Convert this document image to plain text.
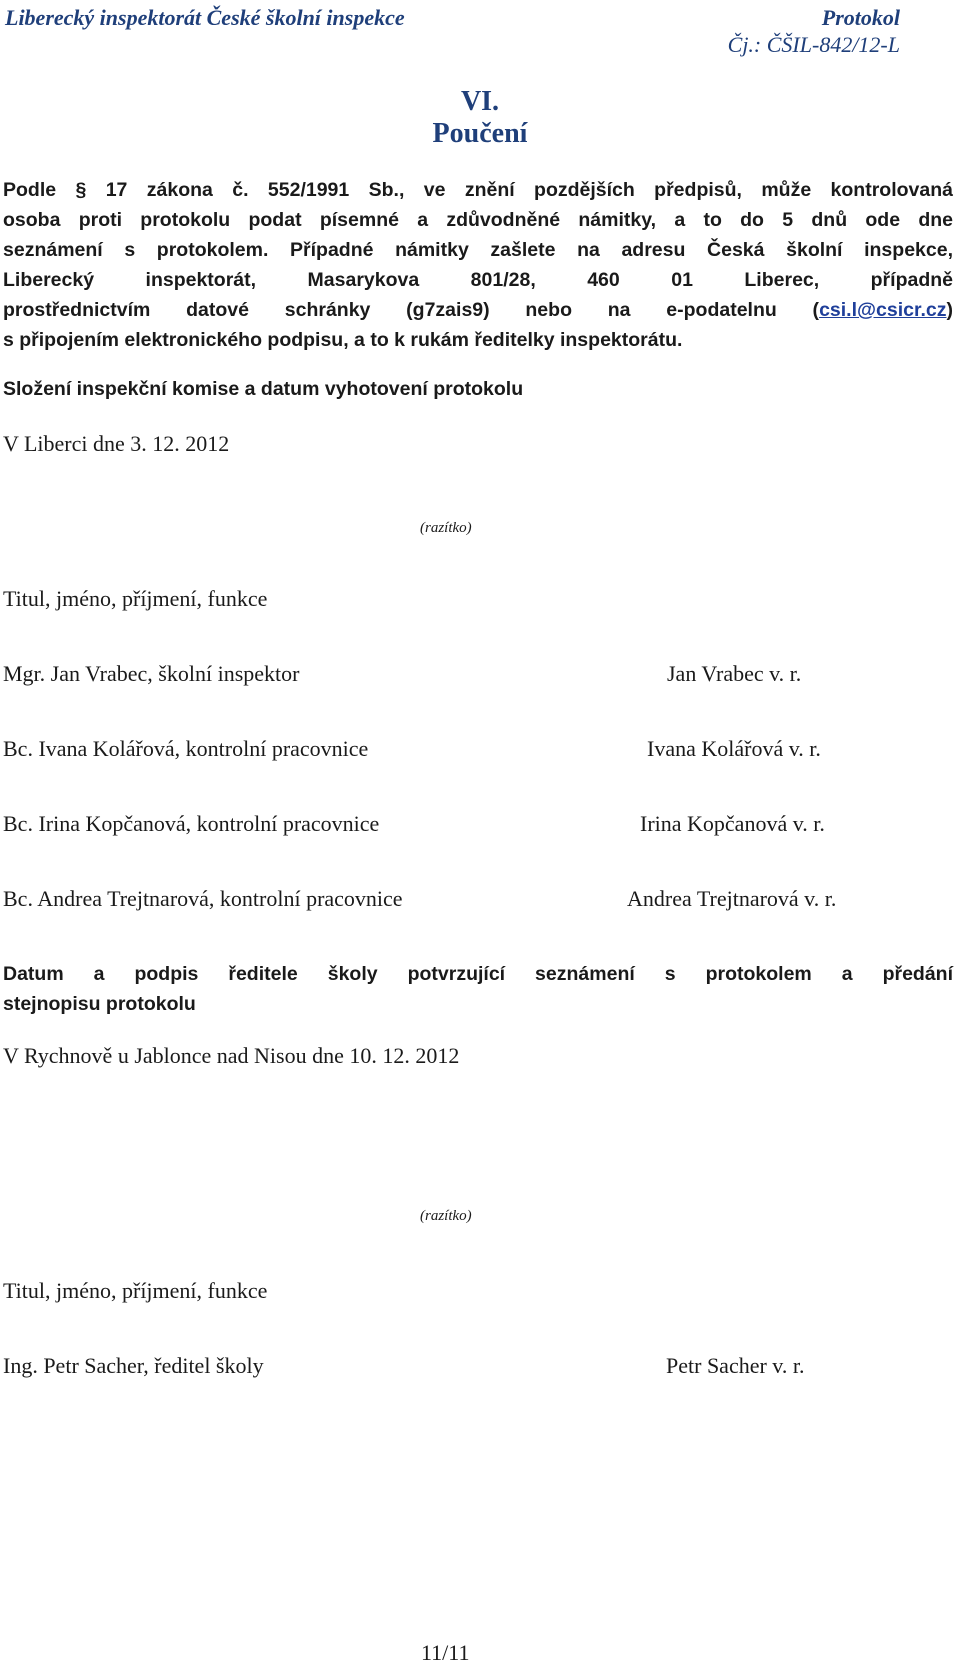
Liberecký inspektorát České školní inspekce	Protokol
Čj.: ČŠIL-842/12-L
VI.
Poučení
Podle § 17 zákona č. 552/1991 Sb., ve znění pozdějších předpisů, může kontrolovaná
osoba proti protokolu podat písemné a zdůvodněné námitky, a to do 5 dnů ode dne
seznámení s protokolem. Případné námitky zašlete na adresu Česká školní inspekce,
Liberecký inspektorát, Masarykova 801/28, 460 01 Liberec, případně
prostřednictvím datové schránky (g7zais9) nebo na e-podatelnu (csi.l@csicr.cz)
s připojením elektronického podpisu, a to k rukám ředitelky inspektorátu.
Složení inspekční komise a datum vyhotovení protokolu
V Liberci dne 3. 12. 2012
(razítko)
Titul, jméno, příjmení, funkce
Mgr. Jan Vrabec, školní inspektor	Jan Vrabec v. r.
Bc. Ivana Kolářová, kontrolní pracovnice	Ivana Kolářová v. r.
Bc. Irina Kopčanová, kontrolní pracovnice	Irina Kopčanová v. r.
Bc. Andrea Trejtnarová, kontrolní pracovnice	Andrea Trejtnarová v. r.
Datum a podpis ředitele školy potvrzující seznámení s protokolem a předání
stejnopisu protokolu
V Rychnově u Jablonce nad Nisou dne 10. 12. 2012
(razítko)
Titul, jméno, příjmení, funkce
Ing. Petr Sacher, ředitel školy	Petr Sacher v. r.
11/11
